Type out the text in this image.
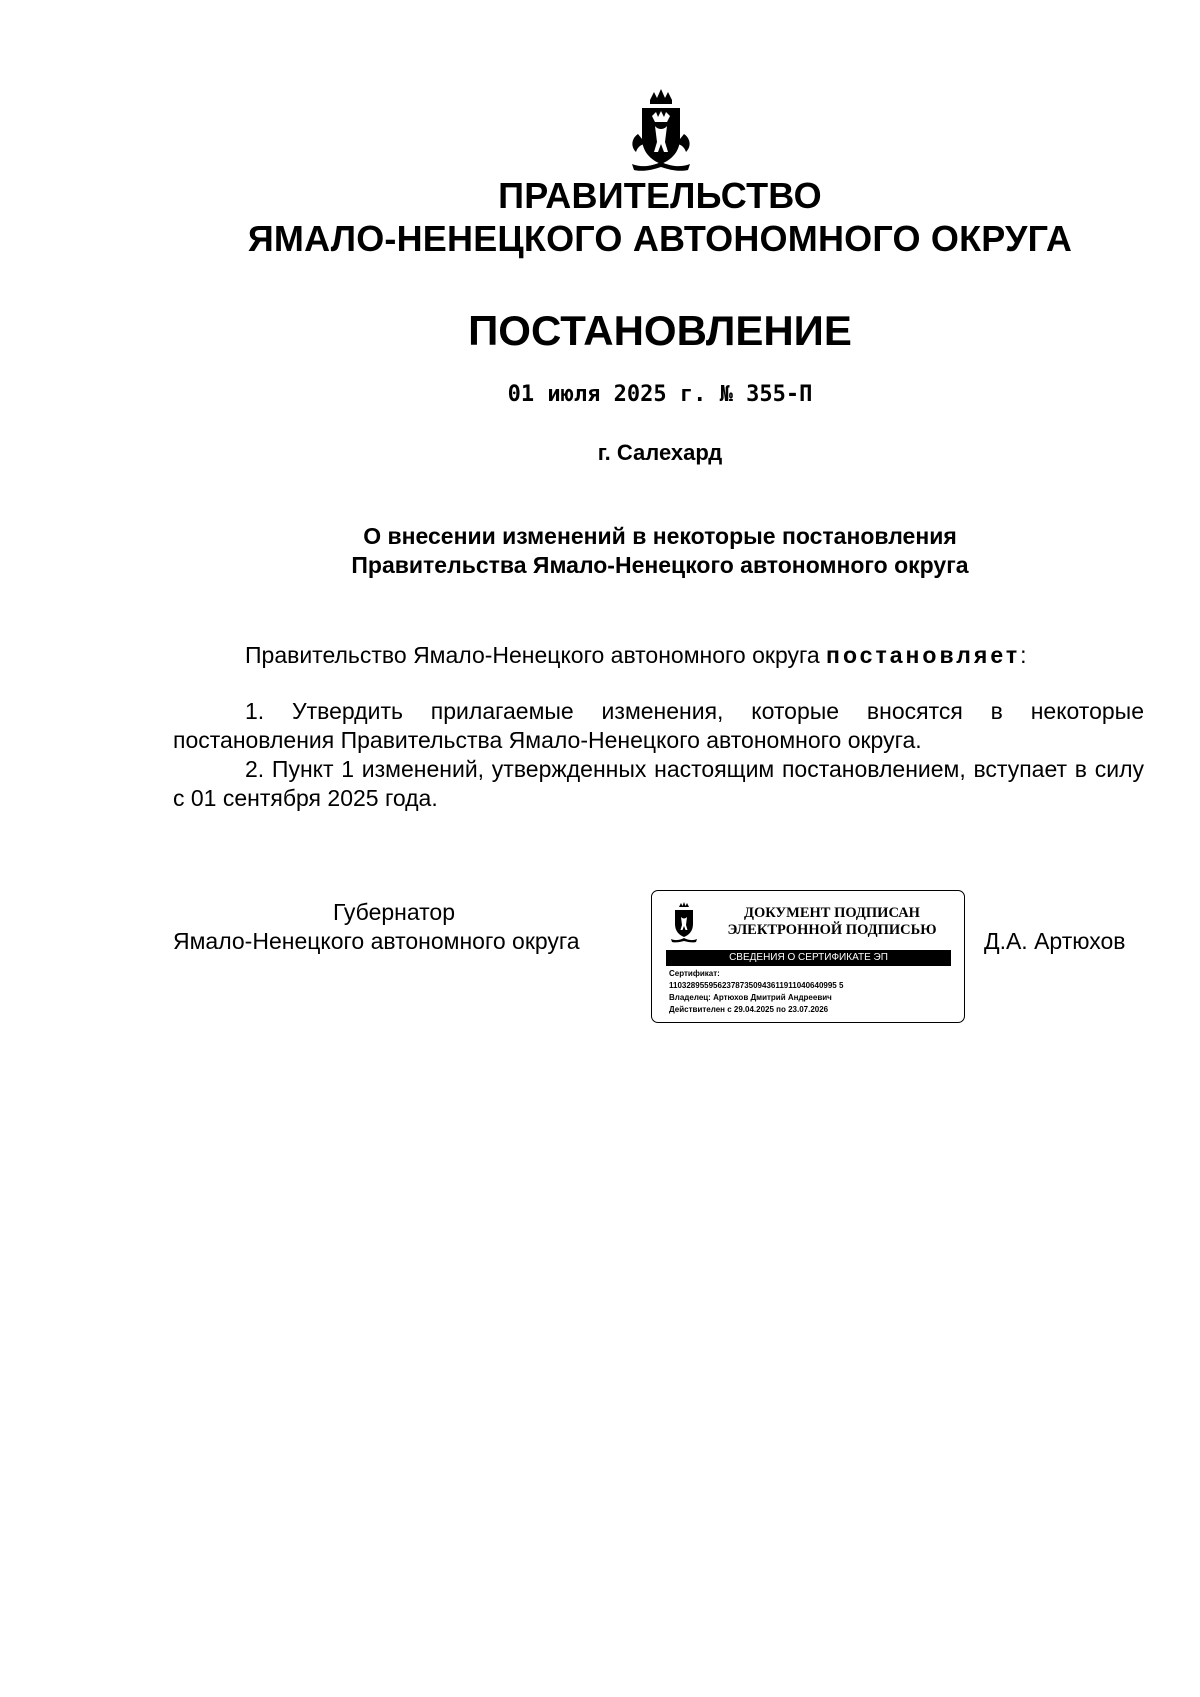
ПРАВИТЕЛЬСТВО
ЯМАЛО-НЕНЕЦКОГО АВТОНОМНОГО ОКРУГА
ПОСТАНОВЛЕНИЕ
01 июля 2025 г. № 355-П
г. Салехард
О внесении изменений в некоторые постановления
Правительства Ямало-Ненецкого автономного округа
Правительство Ямало-Ненецкого автономного округа постановляет:
1. Утвердить прилагаемые изменения, которые вносятся в некоторые постановления Правительства Ямало-Ненецкого автономного округа.
2. Пункт 1 изменений, утвержденных настоящим постановлением, вступает в силу с 01 сентября 2025 года.
Губернатор
Ямало-Ненецкого автономного округа
ДОКУМЕНТ ПОДПИСАН
ЭЛЕКТРОННОЙ ПОДПИСЬЮ
СВЕДЕНИЯ О СЕРТИФИКАТЕ ЭП
Сертификат:
11032895595623787350943611911040640995 5
Владелец: Артюхов Дмитрий Андреевич
Действителен с 29.04.2025 по 23.07.2026
Д.А. Артюхов
